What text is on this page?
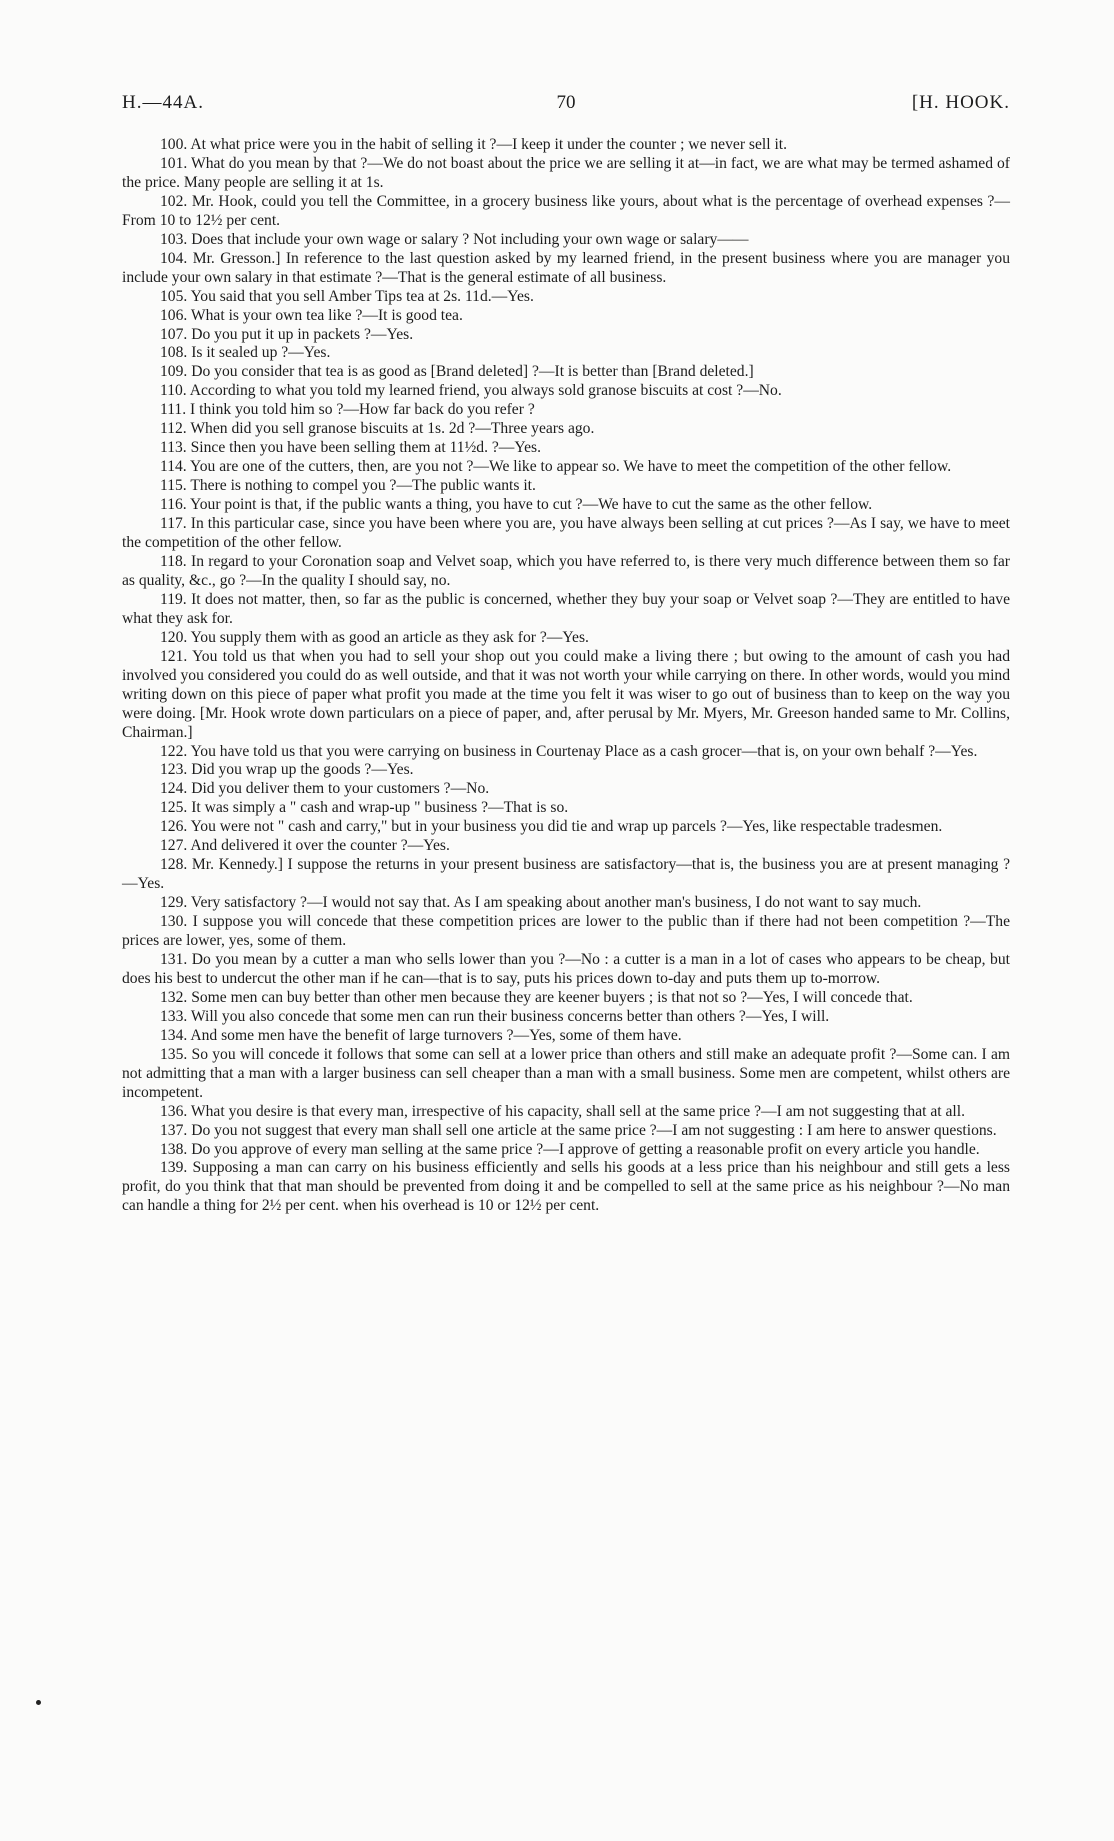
H.—44A.	70	[H. HOOK.

100. At what price were you in the habit of selling it ?—I keep it under the counter ; we never sell it.

101. What do you mean by that ?—We do not boast about the price we are selling it at—in fact, we are what may be termed ashamed of the price. Many people are selling it at 1s.

102. Mr. Hook, could you tell the Committee, in a grocery business like yours, about what is the percentage of overhead expenses ?—From 10 to 12½ per cent.

103. Does that include your own wage or salary ? Not including your own wage or salary——

104. Mr. Gresson.] In reference to the last question asked by my learned friend, in the present business where you are manager you include your own salary in that estimate ?—That is the general estimate of all business.

105. You said that you sell Amber Tips tea at 2s. 11d.—Yes.

106. What is your own tea like ?—It is good tea.

107. Do you put it up in packets ?—Yes.

108. Is it sealed up ?—Yes.

109. Do you consider that tea is as good as [Brand deleted] ?—It is better than [Brand deleted.]

110. According to what you told my learned friend, you always sold granose biscuits at cost ?—No.

111. I think you told him so ?—How far back do you refer ?

112. When did you sell granose biscuits at 1s. 2d ?—Three years ago.

113. Since then you have been selling them at 11½d. ?—Yes.

114. You are one of the cutters, then, are you not ?—We like to appear so. We have to meet the competition of the other fellow.

115. There is nothing to compel you ?—The public wants it.

116. Your point is that, if the public wants a thing, you have to cut ?—We have to cut the same as the other fellow.

117. In this particular case, since you have been where you are, you have always been selling at cut prices ?—As I say, we have to meet the competition of the other fellow.

118. In regard to your Coronation soap and Velvet soap, which you have referred to, is there very much difference between them so far as quality, &c., go ?—In the quality I should say, no.

119. It does not matter, then, so far as the public is concerned, whether they buy your soap or Velvet soap ?—They are entitled to have what they ask for.

120. You supply them with as good an article as they ask for ?—Yes.

121. You told us that when you had to sell your shop out you could make a living there ; but owing to the amount of cash you had involved you considered you could do as well outside, and that it was not worth your while carrying on there. In other words, would you mind writing down on this piece of paper what profit you made at the time you felt it was wiser to go out of business than to keep on the way you were doing. [Mr. Hook wrote down particulars on a piece of paper, and, after perusal by Mr. Myers, Mr. Greeson handed same to Mr. Collins, Chairman.]

122. You have told us that you were carrying on business in Courtenay Place as a cash grocer—that is, on your own behalf ?—Yes.

123. Did you wrap up the goods ?—Yes.

124. Did you deliver them to your customers ?—No.

125. It was simply a " cash and wrap-up " business ?—That is so.

126. You were not " cash and carry," but in your business you did tie and wrap up parcels ?—Yes, like respectable tradesmen.

127. And delivered it over the counter ?—Yes.

128. Mr. Kennedy.] I suppose the returns in your present business are satisfactory—that is, the business you are at present managing ?—Yes.

129. Very satisfactory ?—I would not say that. As I am speaking about another man's business, I do not want to say much.

130. I suppose you will concede that these competition prices are lower to the public than if there had not been competition ?—The prices are lower, yes, some of them.

131. Do you mean by a cutter a man who sells lower than you ?—No : a cutter is a man in a lot of cases who appears to be cheap, but does his best to undercut the other man if he can—that is to say, puts his prices down to-day and puts them up to-morrow.

132. Some men can buy better than other men because they are keener buyers ; is that not so ?—Yes, I will concede that.

133. Will you also concede that some men can run their business concerns better than others ?—Yes, I will.

134. And some men have the benefit of large turnovers ?—Yes, some of them have.

135. So you will concede it follows that some can sell at a lower price than others and still make an adequate profit ?—Some can. I am not admitting that a man with a larger business can sell cheaper than a man with a small business. Some men are competent, whilst others are incompetent.

136. What you desire is that every man, irrespective of his capacity, shall sell at the same price ?—I am not suggesting that at all.

137. Do you not suggest that every man shall sell one article at the same price ?—I am not suggesting : I am here to answer questions.

138. Do you approve of every man selling at the same price ?—I approve of getting a reasonable profit on every article you handle.

139. Supposing a man can carry on his business efficiently and sells his goods at a less price than his neighbour and still gets a less profit, do you think that that man should be prevented from doing it and be compelled to sell at the same price as his neighbour ?—No man can handle a thing for 2½ per cent. when his overhead is 10 or 12½ per cent.
